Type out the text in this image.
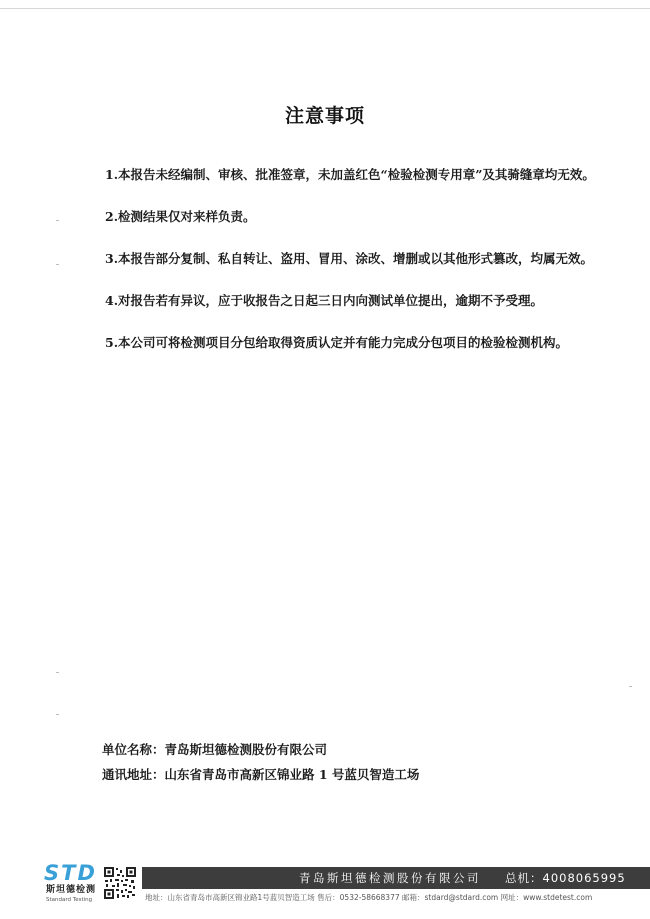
注意事项
1.本报告未经编制、审核、批准签章，未加盖红色“检验检测专用章”及其骑缝章均无效。
2.检测结果仅对来样负责。
3.本报告部分复制、私自转让、盗用、冒用、涂改、增删或以其他形式篡改，均属无效。
4.对报告若有异议，应于收报告之日起三日内向测试单位提出，逾期不予受理。
5.本公司可将检测项目分包给取得资质认定并有能力完成分包项目的检验检测机构。
单位名称：青岛斯坦德检测股份有限公司
通讯地址：山东省青岛市高新区锦业路 1 号蓝贝智造工场
STD
斯坦德检测
Standard Testing
青岛斯坦德检测股份有限公司 总机：4008065995
地址：山东省青岛市高新区锦业路1号蓝贝智造工场 售后：0532-58668377 邮箱：stdard@stdard.com 网址：www.stdetest.com
